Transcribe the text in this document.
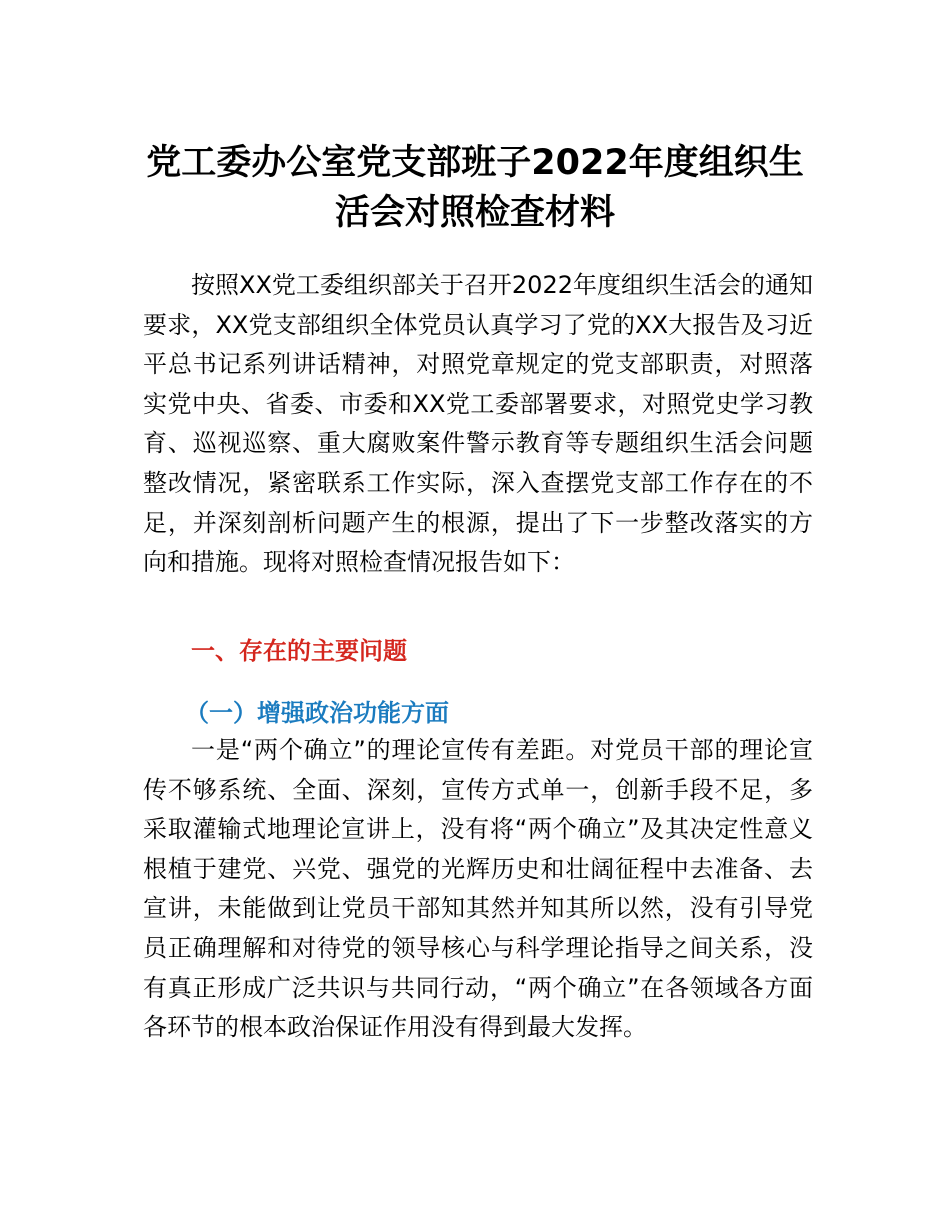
党工委办公室党支部班子2022年度组织生
活会对照检查材料

按照XX党工委组织部关于召开2022年度组织生活会的通知要求，XX党支部组织全体党员认真学习了党的XX大报告及习近平总书记系列讲话精神，对照党章规定的党支部职责，对照落实党中央、省委、市委和XX党工委部署要求，对照党史学习教育、巡视巡察、重大腐败案件警示教育等专题组织生活会问题整改情况，紧密联系工作实际，深入查摆党支部工作存在的不足，并深刻剖析问题产生的根源，提出了下一步整改落实的方向和措施。现将对照检查情况报告如下：

一、存在的主要问题
（一）增强政治功能方面

一是“两个确立”的理论宣传有差距。对党员干部的理论宣传不够系统、全面、深刻，宣传方式单一，创新手段不足，多采取灌输式地理论宣讲上，没有将“两个确立”及其决定性意义根植于建党、兴党、强党的光辉历史和壮阔征程中去准备、去宣讲，未能做到让党员干部知其然并知其所以然，没有引导党员正确理解和对待党的领导核心与科学理论指导之间关系，没有真正形成广泛共识与共同行动，“两个确立”在各领域各方面各环节的根本政治保证作用没有得到最大发挥。
